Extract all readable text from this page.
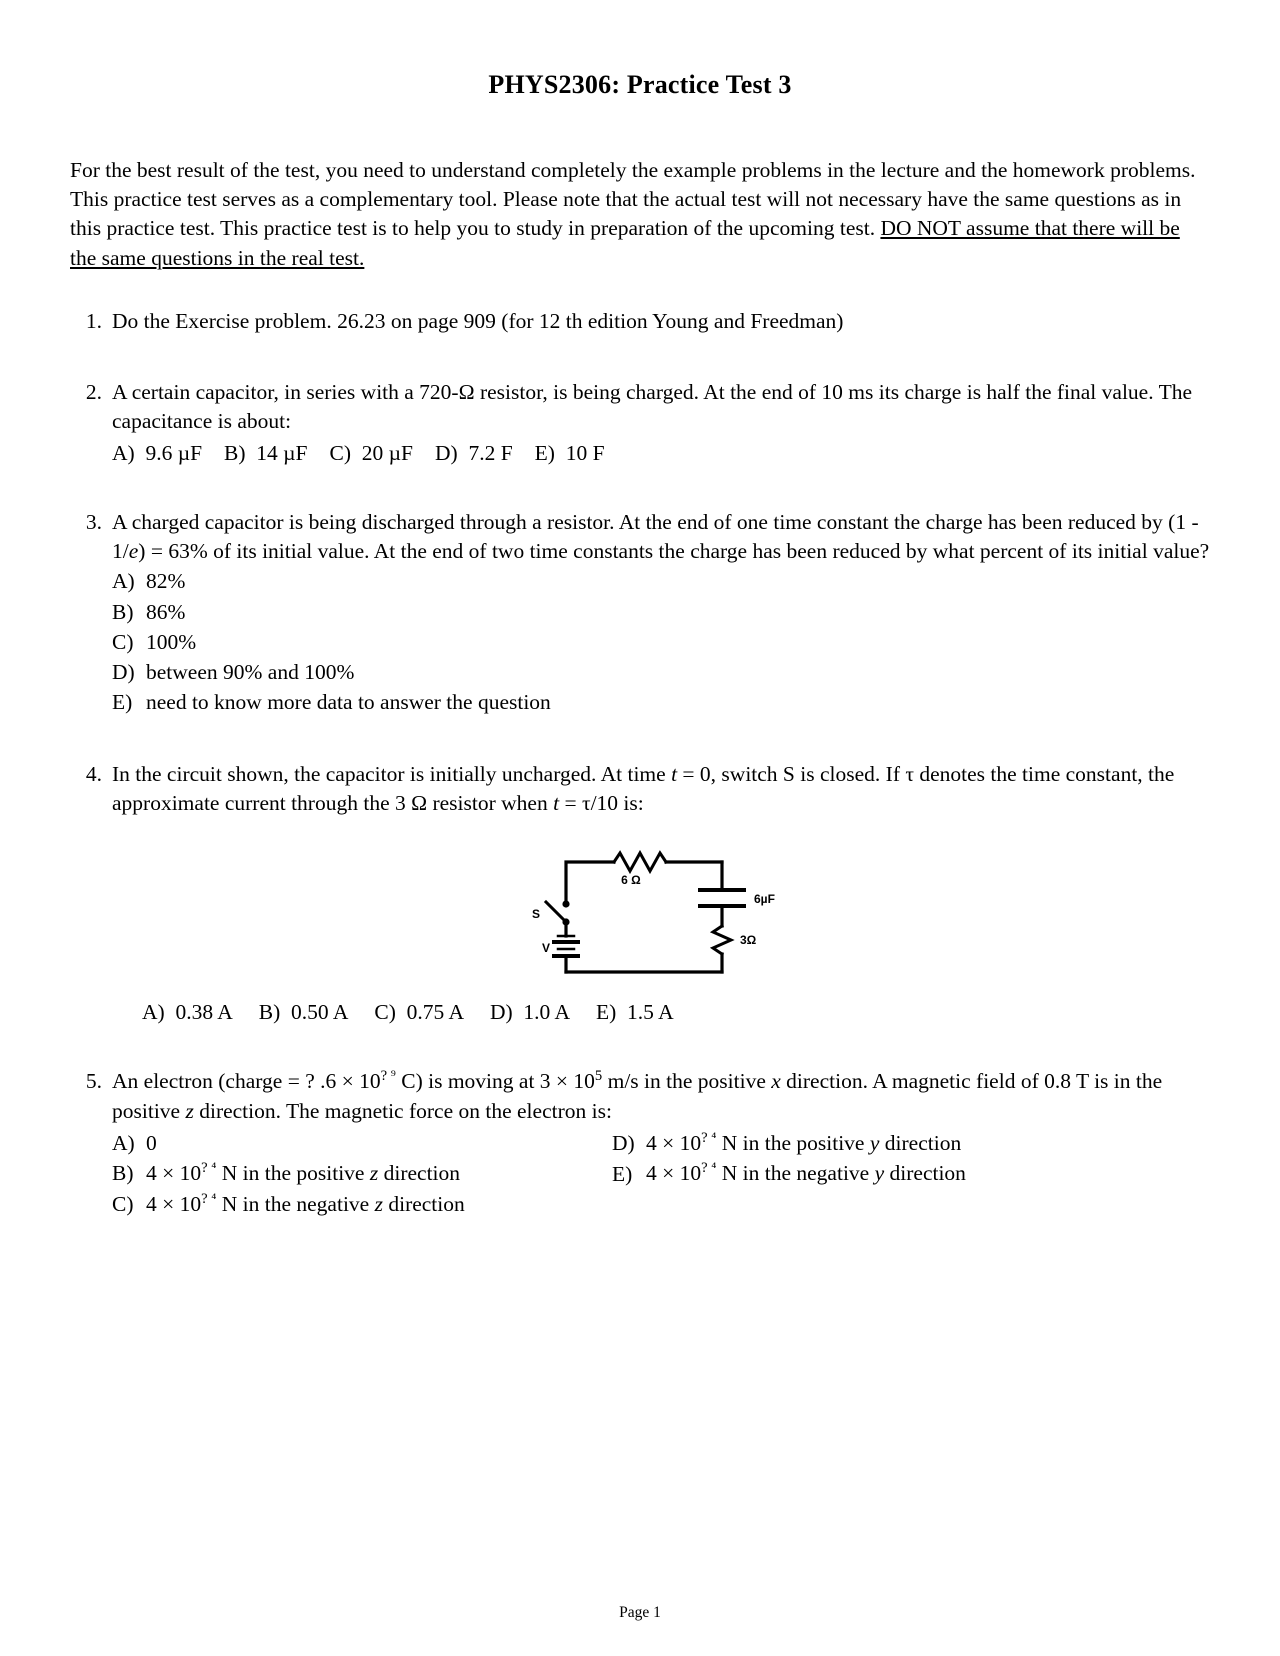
PHYS2306: Practice Test 3
For the best result of the test, you need to understand completely the example problems in the lecture and the homework problems. This practice test serves as a complementary tool. Please note that the actual test will not necessary have the same questions as in this practice test. This practice test is to help you to study in preparation of the upcoming test. DO NOT assume that there will be the same questions in the real test.
1. Do the Exercise problem. 26.23 on page 909 (for 12 th edition Young and Freedman)
2. A certain capacitor, in series with a 720-Ω resistor, is being charged. At the end of 10 ms its charge is half the final value. The capacitance is about:
A) 9.6 µF B) 14 µF C) 20 µF D) 7.2 F E) 10 F
3. A charged capacitor is being discharged through a resistor. At the end of one time constant the charge has been reduced by (1 - 1/e) = 63% of its initial value. At the end of two time constants the charge has been reduced by what percent of its initial value?
A) 82%
B) 86%
C) 100%
D) between 90% and 100%
E) need to know more data to answer the question
4. In the circuit shown, the capacitor is initially uncharged. At time t = 0, switch S is closed. If τ denotes the time constant, the approximate current through the 3 Ω resistor when t = τ/10 is:
6 Ω
6µF
3Ω
S
V
A) 0.38 A B) 0.50 A C) 0.75 A D) 1.0 A E) 1.5 A
5. An electron (charge = ? $.6 \times 10^{? ^9}$ C) is moving at $3 \times 10^5$ m/s in the positive x direction. A magnetic field of 0.8 T is in the positive z direction. The magnetic force on the electron is:
A) 0
B) $4 \times 10^{? ^4}$ N in the positive z direction
C) $4 \times 10^{? ^4}$ N in the negative z direction
D) $4 \times 10^{? ^4}$ N in the positive y direction
E) $4 \times 10^{? ^4}$ N in the negative y direction
Page 1
